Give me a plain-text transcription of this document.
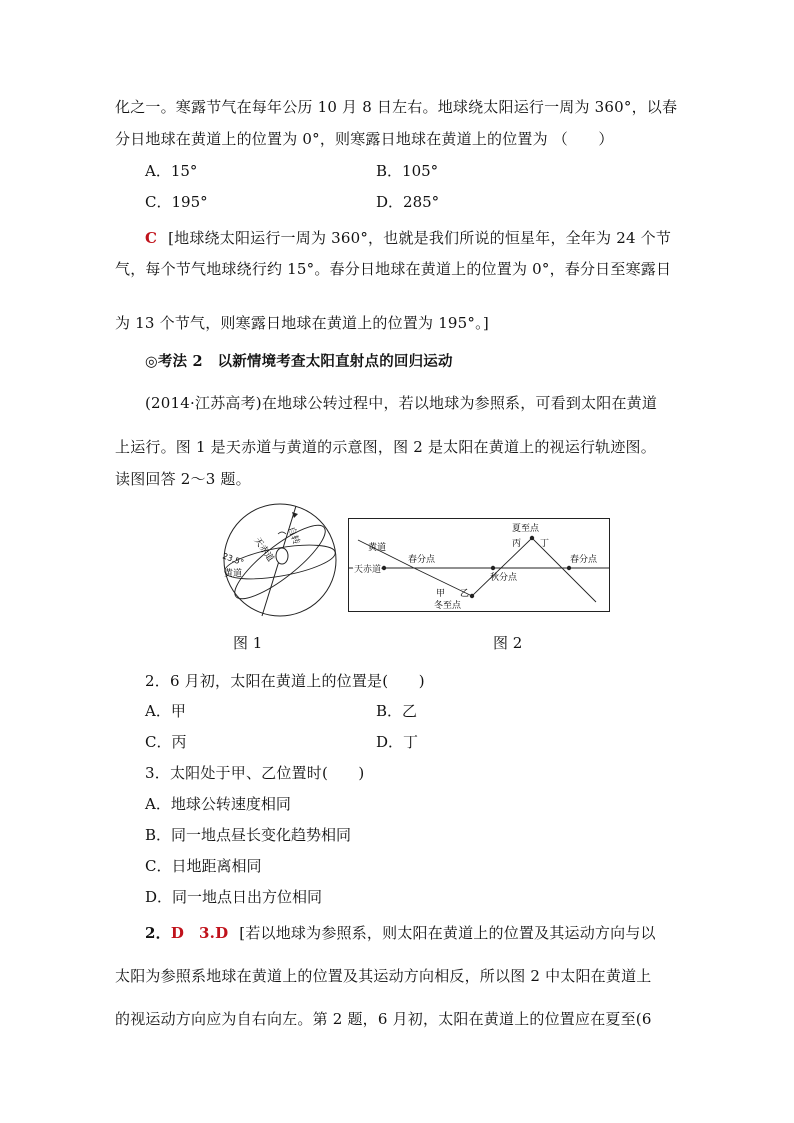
化之一。寒露节气在每年公历 10 月 8 日左右。地球绕太阳运行一周为 360°，以春
分日地球在黄道上的位置为 0°，则寒露日地球在黄道上的位置为 （　　）
A．15°	B．105°
C．195°	D．285°
C [地球绕太阳运行一周为 360°，也就是我们所说的恒星年，全年为 24 个节
气，每个节气地球绕行约 15°。春分日地球在黄道上的位置为 0°，春分日至寒露日
为 13 个节气，则寒露日地球在黄道上的位置为 195°。]
◎考法 2　以新情境考查太阳直射点的回归运动
(2014·江苏高考)在地球公转过程中，若以地球为参照系，可看到太阳在黄道
上运行。图 1 是天赤道与黄道的示意图，图 2 是太阳在黄道上的视运行轨迹图。
读图回答 2～3 题。
自转
天赤道
23.5°
黄道
黄道
天赤道
春分点
秋分点
春分点
夏至点
丙 丁
甲 乙
冬至点
图 1	图 2
2．6 月初，太阳在黄道上的位置是(　　)
A．甲	B．乙
C．丙	D．丁
3．太阳处于甲、乙位置时(　　)
A．地球公转速度相同
B．同一地点昼长变化趋势相同
C．日地距离相同
D．同一地点日出方位相同
2．D 3.D [若以地球为参照系，则太阳在黄道上的位置及其运动方向与以
太阳为参照系地球在黄道上的位置及其运动方向相反，所以图 2 中太阳在黄道上
的视运动方向应为自右向左。第 2 题，6 月初，太阳在黄道上的位置应在夏至(6
